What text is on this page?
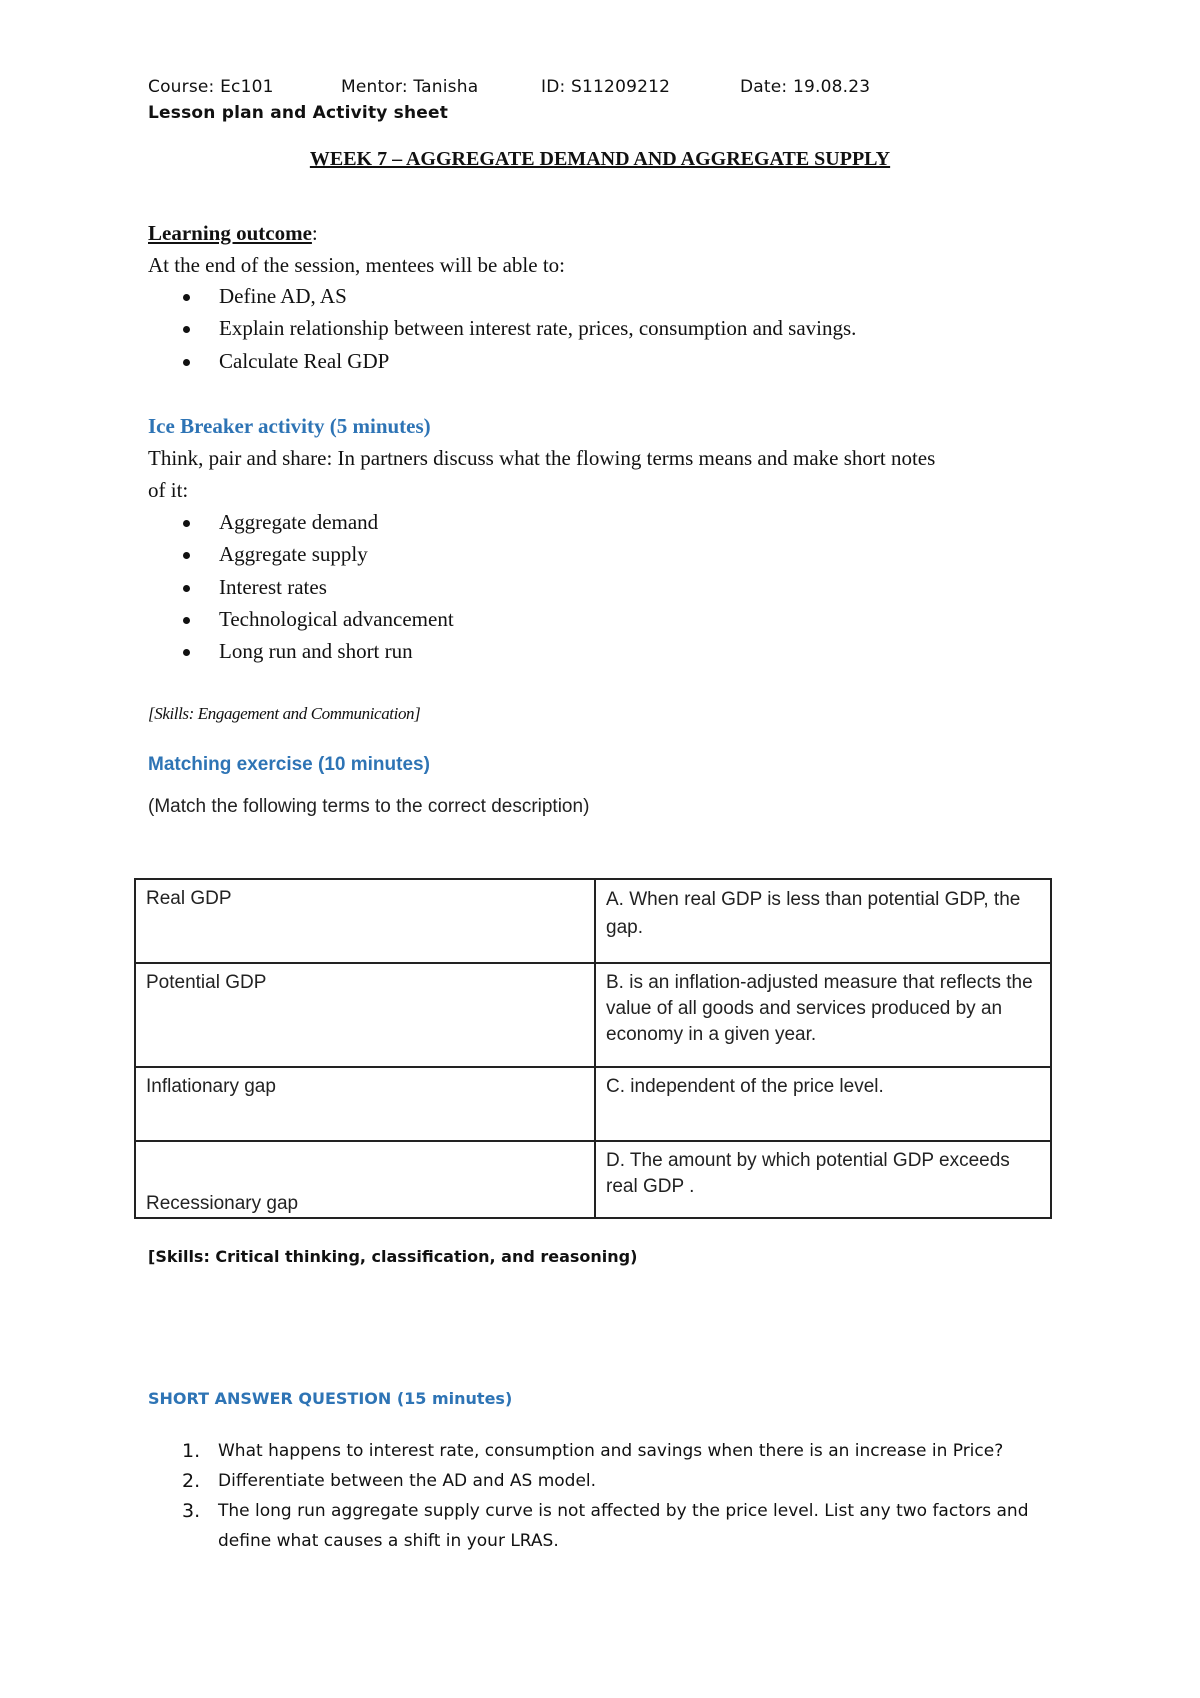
Course: Ec101	Mentor: Tanisha	ID: S11209212	Date: 19.08.23
Lesson plan and Activity sheet
WEEK 7 – AGGREGATE DEMAND AND AGGREGATE SUPPLY
Learning outcome:
At the end of the session, mentees will be able to:
Define AD, AS
Explain relationship between interest rate, prices, consumption and savings.
Calculate Real GDP
Ice Breaker activity (5 minutes)
Think, pair and share: In partners discuss what the flowing terms means and make short notes
of it:
Aggregate demand
Aggregate supply
Interest rates
Technological advancement
Long run and short run
[Skills: Engagement and Communication]
Matching exercise (10 minutes)
(Match the following terms to the correct description)
Real GDP	A. When real GDP is less than potential GDP, the gap.
Potential GDP	B. is an inflation-adjusted measure that reflects the value of all goods and services produced by an economy in a given year.
Inflationary gap	C. independent of the price level.
Recessionary gap	D. The amount by which potential GDP exceeds real GDP .
[Skills: Critical thinking, classification, and reasoning)
SHORT ANSWER QUESTION (15 minutes)
1. What happens to interest rate, consumption and savings when there is an increase in Price?
2. Differentiate between the AD and AS model.
3. The long run aggregate supply curve is not affected by the price level. List any two factors and define what causes a shift in your LRAS.
